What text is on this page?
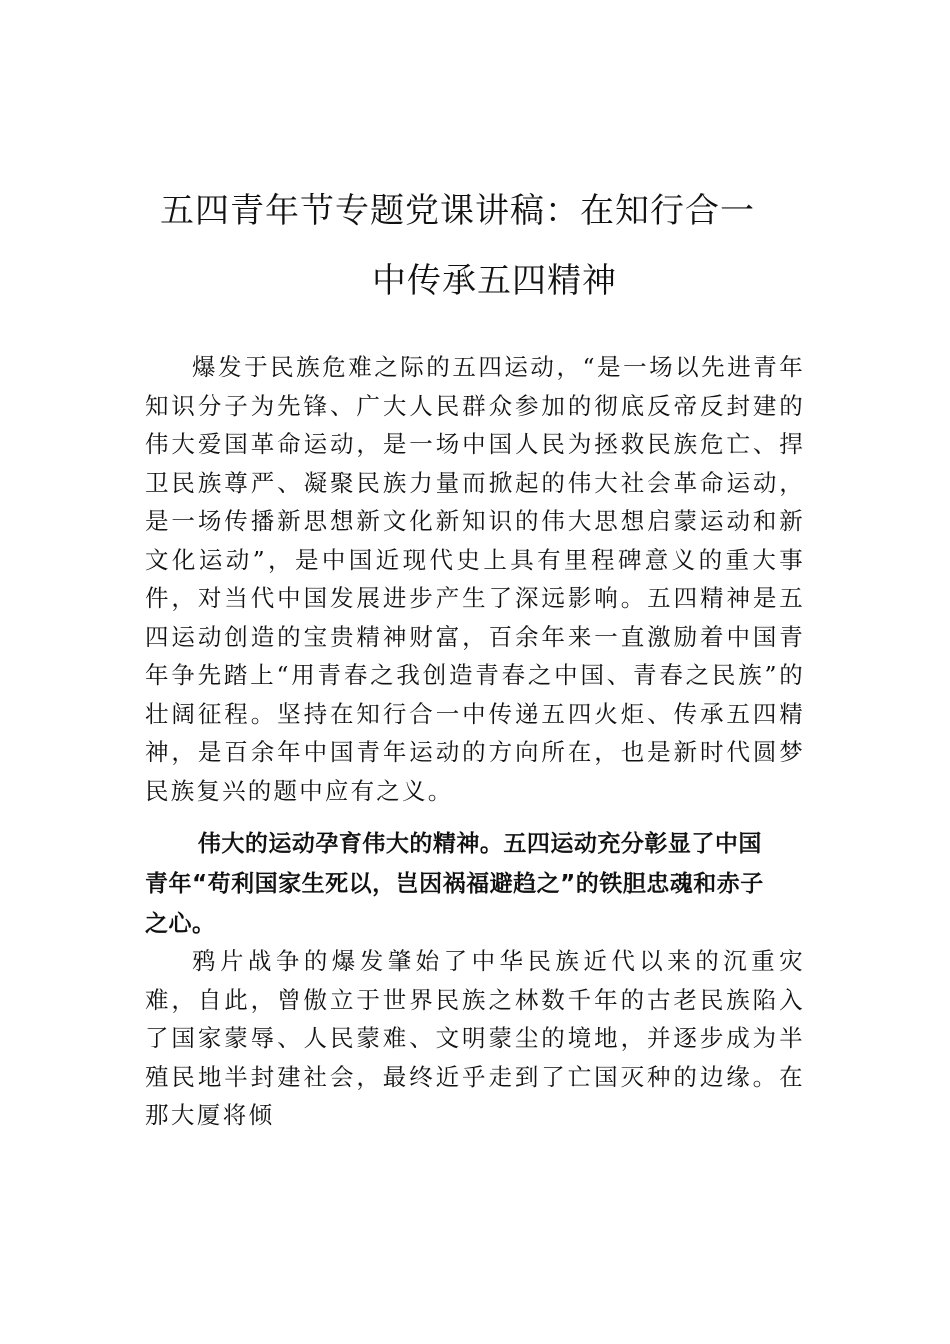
五四青年节专题党课讲稿：在知行合一
中传承五四精神

爆发于民族危难之际的五四运动，“是一场以先进青年知识分子为先锋、广大人民群众参加的彻底反帝反封建的伟大爱国革命运动，是一场中国人民为拯救民族危亡、捍卫民族尊严、凝聚民族力量而掀起的伟大社会革命运动，是一场传播新思想新文化新知识的伟大思想启蒙运动和新文化运动”，是中国近现代史上具有里程碑意义的重大事件，对当代中国发展进步产生了深远影响。五四精神是五四运动创造的宝贵精神财富，百余年来一直激励着中国青年争先踏上“用青春之我创造青春之中国、青春之民族”的壮阔征程。坚持在知行合一中传递五四火炬、传承五四精神，是百余年中国青年运动的方向所在，也是新时代圆梦民族复兴的题中应有之义。

伟大的运动孕育伟大的精神。五四运动充分彰显了中国青年“苟利国家生死以，岂因祸福避趋之”的铁胆忠魂和赤子之心。

鸦片战争的爆发肇始了中华民族近代以来的沉重灾难，自此，曾傲立于世界民族之林数千年的古老民族陷入了国家蒙辱、人民蒙难、文明蒙尘的境地，并逐步成为半殖民地半封建社会，最终近乎走到了亡国灭种的边缘。在那大厦将倾
